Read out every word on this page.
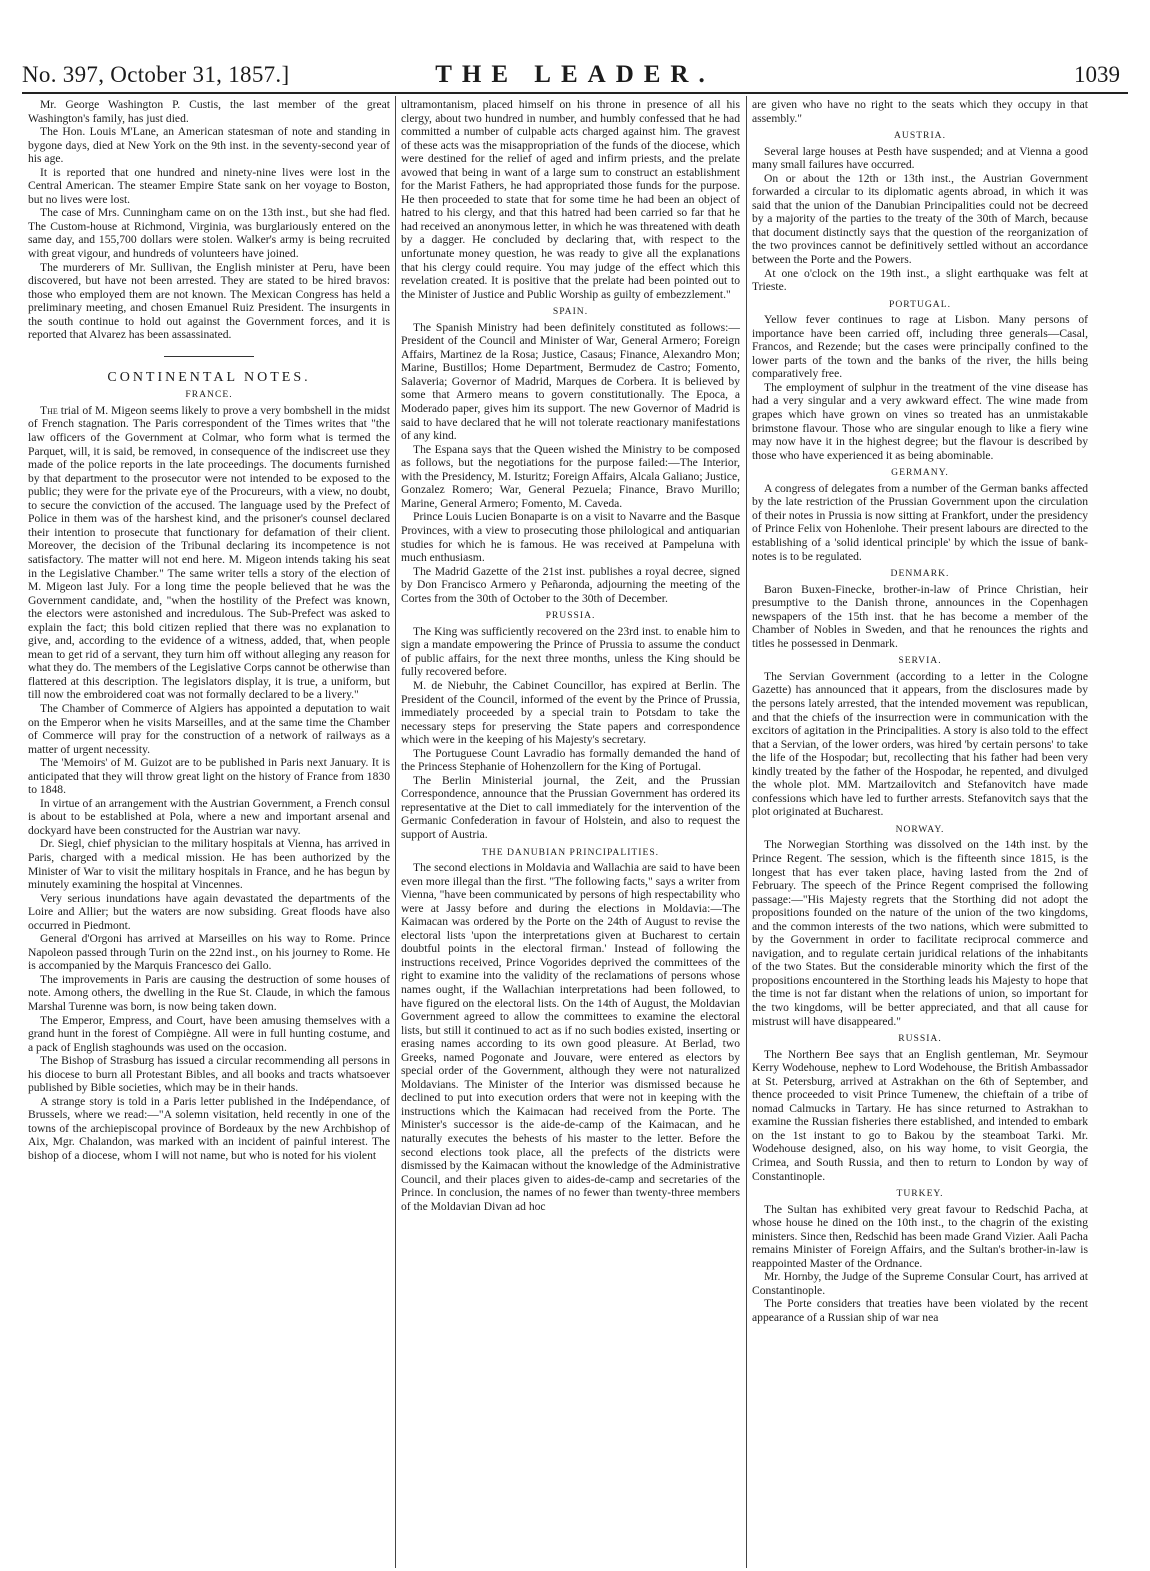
No. 397, October 31, 1857.]	THE LEADER.	1039

Mr. George Washington P. Custis, the last member of the great Washington's family, has just died.

The Hon. Louis M'Lane, an American statesman of note and standing in bygone days, died at New York on the 9th inst. in the seventy-second year of his age.

It is reported that one hundred and ninety-nine lives were lost in the Central American. The steamer Empire State sank on her voyage to Boston, but no lives were lost.

The case of Mrs. Cunningham came on on the 13th inst., but she had fled. The Custom-house at Richmond, Virginia, was burglariously entered on the same day, and 155,700 dollars were stolen. Walker's army is being recruited with great vigour, and hundreds of volunteers have joined.

The murderers of Mr. Sullivan, the English minister at Peru, have been discovered, but have not been arrested. They are stated to be hired bravos: those who employed them are not known. The Mexican Congress has held a preliminary meeting, and chosen Emanuel Ruiz President. The insurgents in the south continue to hold out against the Government forces, and it is reported that Alvarez has been assassinated.

CONTINENTAL NOTES.
FRANCE.

The trial of M. Migeon seems likely to prove a very bombshell in the midst of French stagnation. The Paris correspondent of the Times writes that "the law officers of the Government at Colmar, who form what is termed the Parquet, will, it is said, be removed, in consequence of the indiscreet use they made of the police reports in the late proceedings. The documents furnished by that department to the prosecutor were not intended to be exposed to the public; they were for the private eye of the Procureurs, with a view, no doubt, to secure the conviction of the accused. The language used by the Prefect of Police in them was of the harshest kind, and the prisoner's counsel declared their intention to prosecute that functionary for defamation of their client. Moreover, the decision of the Tribunal declaring its incompetence is not satisfactory. The matter will not end here. M. Migeon intends taking his seat in the Legislative Chamber." The same writer tells a story of the election of M. Migeon last July. For a long time the people believed that he was the Government candidate, and, "when the hostility of the Prefect was known, the electors were astonished and incredulous. The Sub-Prefect was asked to explain the fact; this bold citizen replied that there was no explanation to give, and, according to the evidence of a witness, added, that, when people mean to get rid of a servant, they turn him off without alleging any reason for what they do. The members of the Legislative Corps cannot be otherwise than flattered at this description. The legislators display, it is true, a uniform, but till now the embroidered coat was not formally declared to be a livery."

The Chamber of Commerce of Algiers has appointed a deputation to wait on the Emperor when he visits Marseilles, and at the same time the Chamber of Commerce will pray for the construction of a network of railways as a matter of urgent necessity.

The 'Memoirs' of M. Guizot are to be published in Paris next January. It is anticipated that they will throw great light on the history of France from 1830 to 1848.

In virtue of an arrangement with the Austrian Government, a French consul is about to be established at Pola, where a new and important arsenal and dockyard have been constructed for the Austrian war navy.

Dr. Siegl, chief physician to the military hospitals at Vienna, has arrived in Paris, charged with a medical mission. He has been authorized by the Minister of War to visit the military hospitals in France, and he has begun by minutely examining the hospital at Vincennes.

Very serious inundations have again devastated the departments of the Loire and Allier; but the waters are now subsiding. Great floods have also occurred in Piedmont.

General d'Orgoni has arrived at Marseilles on his way to Rome. Prince Napoleon passed through Turin on the 22nd inst., on his journey to Rome. He is accompanied by the Marquis Francesco dei Gallo.

The improvements in Paris are causing the destruction of some houses of note. Among others, the dwelling in the Rue St. Claude, in which the famous Marshal Turenne was born, is now being taken down.

The Emperor, Empress, and Court, have been amusing themselves with a grand hunt in the forest of Compiègne. All were in full hunting costume, and a pack of English staghounds was used on the occasion.

The Bishop of Strasburg has issued a circular recommending all persons in his diocese to burn all Protestant Bibles, and all books and tracts whatsoever published by Bible societies, which may be in their hands.

A strange story is told in a Paris letter published in the Indépendance, of Brussels, where we read:—"A solemn visitation, held recently in one of the towns of the archiepiscopal province of Bordeaux by the new Archbishop of Aix, Mgr. Chalandon, was marked with an incident of painful interest. The bishop of a diocese, whom I will not name, but who is noted for his violent

ultramontanism, placed himself on his throne in presence of all his clergy, about two hundred in number, and humbly confessed that he had committed a number of culpable acts charged against him. The gravest of these acts was the misappropriation of the funds of the diocese, which were destined for the relief of aged and infirm priests, and the prelate avowed that being in want of a large sum to construct an establishment for the Marist Fathers, he had appropriated those funds for the purpose. He then proceeded to state that for some time he had been an object of hatred to his clergy, and that this hatred had been carried so far that he had received an anonymous letter, in which he was threatened with death by a dagger. He concluded by declaring that, with respect to the unfortunate money question, he was ready to give all the explanations that his clergy could require. You may judge of the effect which this revelation created. It is positive that the prelate had been pointed out to the Minister of Justice and Public Worship as guilty of embezzlement."

SPAIN.

The Spanish Ministry had been definitely constituted as follows:—President of the Council and Minister of War, General Armero; Foreign Affairs, Martinez de la Rosa; Justice, Casaus; Finance, Alexandro Mon; Marine, Bustillos; Home Department, Bermudez de Castro; Fomento, Salaveria; Governor of Madrid, Marques de Corbera. It is believed by some that Armero means to govern constitutionally. The Epoca, a Moderado paper, gives him its support. The new Governor of Madrid is said to have declared that he will not tolerate reactionary manifestations of any kind.

The Espana says that the Queen wished the Ministry to be composed as follows, but the negotiations for the purpose failed:—The Interior, with the Presidency, M. Isturitz; Foreign Affairs, Alcala Galiano; Justice, Gonzalez Romero; War, General Pezuela; Finance, Bravo Murillo; Marine, General Armero; Fomento, M. Caveda.

Prince Louis Lucien Bonaparte is on a visit to Navarre and the Basque Provinces, with a view to prosecuting those philological and antiquarian studies for which he is famous. He was received at Pampeluna with much enthusiasm.

The Madrid Gazette of the 21st inst. publishes a royal decree, signed by Don Francisco Armero y Peñaronda, adjourning the meeting of the Cortes from the 30th of October to the 30th of December.

PRUSSIA.

The King was sufficiently recovered on the 23rd inst. to enable him to sign a mandate empowering the Prince of Prussia to assume the conduct of public affairs, for the next three months, unless the King should be fully recovered before.

M. de Niebuhr, the Cabinet Councillor, has expired at Berlin. The President of the Council, informed of the event by the Prince of Prussia, immediately proceeded by a special train to Potsdam to take the necessary steps for preserving the State papers and correspondence which were in the keeping of his Majesty's secretary.

The Portuguese Count Lavradio has formally demanded the hand of the Princess Stephanie of Hohenzollern for the King of Portugal.

The Berlin Ministerial journal, the Zeit, and the Prussian Correspondence, announce that the Prussian Government has ordered its representative at the Diet to call immediately for the intervention of the Germanic Confederation in favour of Holstein, and also to request the support of Austria.

THE DANUBIAN PRINCIPALITIES.

The second elections in Moldavia and Wallachia are said to have been even more illegal than the first. "The following facts," says a writer from Vienna, "have been communicated by persons of high respectability who were at Jassy before and during the elections in Moldavia:—The Kaimacan was ordered by the Porte on the 24th of August to revise the electoral lists 'upon the interpretations given at Bucharest to certain doubtful points in the electoral firman.' Instead of following the instructions received, Prince Vogorides deprived the committees of the right to examine into the validity of the reclamations of persons whose names ought, if the Wallachian interpretations had been followed, to have figured on the electoral lists. On the 14th of August, the Moldavian Government agreed to allow the committees to examine the electoral lists, but still it continued to act as if no such bodies existed, inserting or erasing names according to its own good pleasure. At Berlad, two Greeks, named Pogonate and Jouvare, were entered as electors by special order of the Government, although they were not naturalized Moldavians. The Minister of the Interior was dismissed because he declined to put into execution orders that were not in keeping with the instructions which the Kaimacan had received from the Porte. The Minister's successor is the aide-de-camp of the Kaimacan, and he naturally executes the behests of his master to the letter. Before the second elections took place, all the prefects of the districts were dismissed by the Kaimacan without the knowledge of the Administrative Council, and their places given to aides-de-camp and secretaries of the Prince. In conclusion, the names of no fewer than twenty-three members of the Moldavian Divan ad hoc

are given who have no right to the seats which they occupy in that assembly."

AUSTRIA.

Several large houses at Pesth have suspended; and at Vienna a good many small failures have occurred.

On or about the 12th or 13th inst., the Austrian Government forwarded a circular to its diplomatic agents abroad, in which it was said that the union of the Danubian Principalities could not be decreed by a majority of the parties to the treaty of the 30th of March, because that document distinctly says that the question of the reorganization of the two provinces cannot be definitively settled without an accordance between the Porte and the Powers.

At one o'clock on the 19th inst., a slight earthquake was felt at Trieste.

PORTUGAL.

Yellow fever continues to rage at Lisbon. Many persons of importance have been carried off, including three generals—Casal, Francos, and Rezende; but the cases were principally confined to the lower parts of the town and the banks of the river, the hills being comparatively free.

The employment of sulphur in the treatment of the vine disease has had a very singular and a very awkward effect. The wine made from grapes which have grown on vines so treated has an unmistakable brimstone flavour. Those who are singular enough to like a fiery wine may now have it in the highest degree; but the flavour is described by those who have experienced it as being abominable.

GERMANY.

A congress of delegates from a number of the German banks affected by the late restriction of the Prussian Government upon the circulation of their notes in Prussia is now sitting at Frankfort, under the presidency of Prince Felix von Hohenlohe. Their present labours are directed to the establishing of a 'solid identical principle' by which the issue of bank-notes is to be regulated.

DENMARK.

Baron Buxen-Finecke, brother-in-law of Prince Christian, heir presumptive to the Danish throne, announces in the Copenhagen newspapers of the 15th inst. that he has become a member of the Chamber of Nobles in Sweden, and that he renounces the rights and titles he possessed in Denmark.

SERVIA.

The Servian Government (according to a letter in the Cologne Gazette) has announced that it appears, from the disclosures made by the persons lately arrested, that the intended movement was republican, and that the chiefs of the insurrection were in communication with the excitors of agitation in the Principalities. A story is also told to the effect that a Servian, of the lower orders, was hired 'by certain persons' to take the life of the Hospodar; but, recollecting that his father had been very kindly treated by the father of the Hospodar, he repented, and divulged the whole plot. MM. Martzailovitch and Stefanovitch have made confessions which have led to further arrests. Stefanovitch says that the plot originated at Bucharest.

NORWAY.

The Norwegian Storthing was dissolved on the 14th inst. by the Prince Regent. The session, which is the fifteenth since 1815, is the longest that has ever taken place, having lasted from the 2nd of February. The speech of the Prince Regent comprised the following passage:—"His Majesty regrets that the Storthing did not adopt the propositions founded on the nature of the union of the two kingdoms, and the common interests of the two nations, which were submitted to by the Government in order to facilitate reciprocal commerce and navigation, and to regulate certain juridical relations of the inhabitants of the two States. But the considerable minority which the first of the propositions encountered in the Storthing leads his Majesty to hope that the time is not far distant when the relations of union, so important for the two kingdoms, will be better appreciated, and that all cause for mistrust will have disappeared."

RUSSIA.

The Northern Bee says that an English gentleman, Mr. Seymour Kerry Wodehouse, nephew to Lord Wodehouse, the British Ambassador at St. Petersburg, arrived at Astrakhan on the 6th of September, and thence proceeded to visit Prince Tumenew, the chieftain of a tribe of nomad Calmucks in Tartary. He has since returned to Astrakhan to examine the Russian fisheries there established, and intended to embark on the 1st instant to go to Bakou by the steamboat Tarki. Mr. Wodehouse designed, also, on his way home, to visit Georgia, the Crimea, and South Russia, and then to return to London by way of Constantinople.

TURKEY.

The Sultan has exhibited very great favour to Redschid Pacha, at whose house he dined on the 10th inst., to the chagrin of the existing ministers. Since then, Redschid has been made Grand Vizier. Aali Pacha remains Minister of Foreign Affairs, and the Sultan's brother-in-law is reappointed Master of the Ordnance.

Mr. Hornby, the Judge of the Supreme Consular Court, has arrived at Constantinople.

The Porte considers that treaties have been violated by the recent appearance of a Russian ship of war nea
